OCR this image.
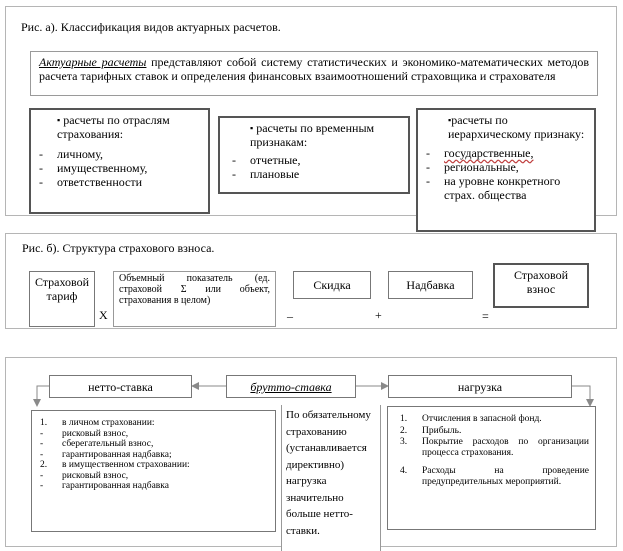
Рис. а). Классификация видов актуарных расчетов.
Актуарные расчеты представляют собой систему статистических и экономико-математических методов расчета тарифных ставок и определения финансовых взаимоотношений страховщика и страхователя
▪ расчеты по отраслям страхования:
- личному,
- имущественному,
- ответственности
▪ расчеты по временным признакам:
- отчетные,
- плановые
▪расчеты по иерархическому признаку:
- государственные,
- региональные,
- на уровне конкретного страх. общества
Рис. б). Структура страхового взноса.
Страховой тариф
Х
Объемный показатель (ед. страховой Σ или объект, страхования в целом)
Скидка
–
Надбавка
+	=
Страховой взнос
нетто-ставка	брутто-ставка	нагрузка
1. в личном страховании:
- рисковый взнос,
- сберегательный взнос,
- гарантированная надбавка;
2. в имущественном страховании:
- рисковый взнос,
- гарантированная надбавка
По обязательному страхованию (устанавливается директивно) нагрузка значительно больше нетто-ставки.
1. Отчисления в запасной фонд.
2. Прибыль.
3. Покрытие расходов по организации процесса страхования.
4. Расходы на проведение предупредительных мероприятий.
